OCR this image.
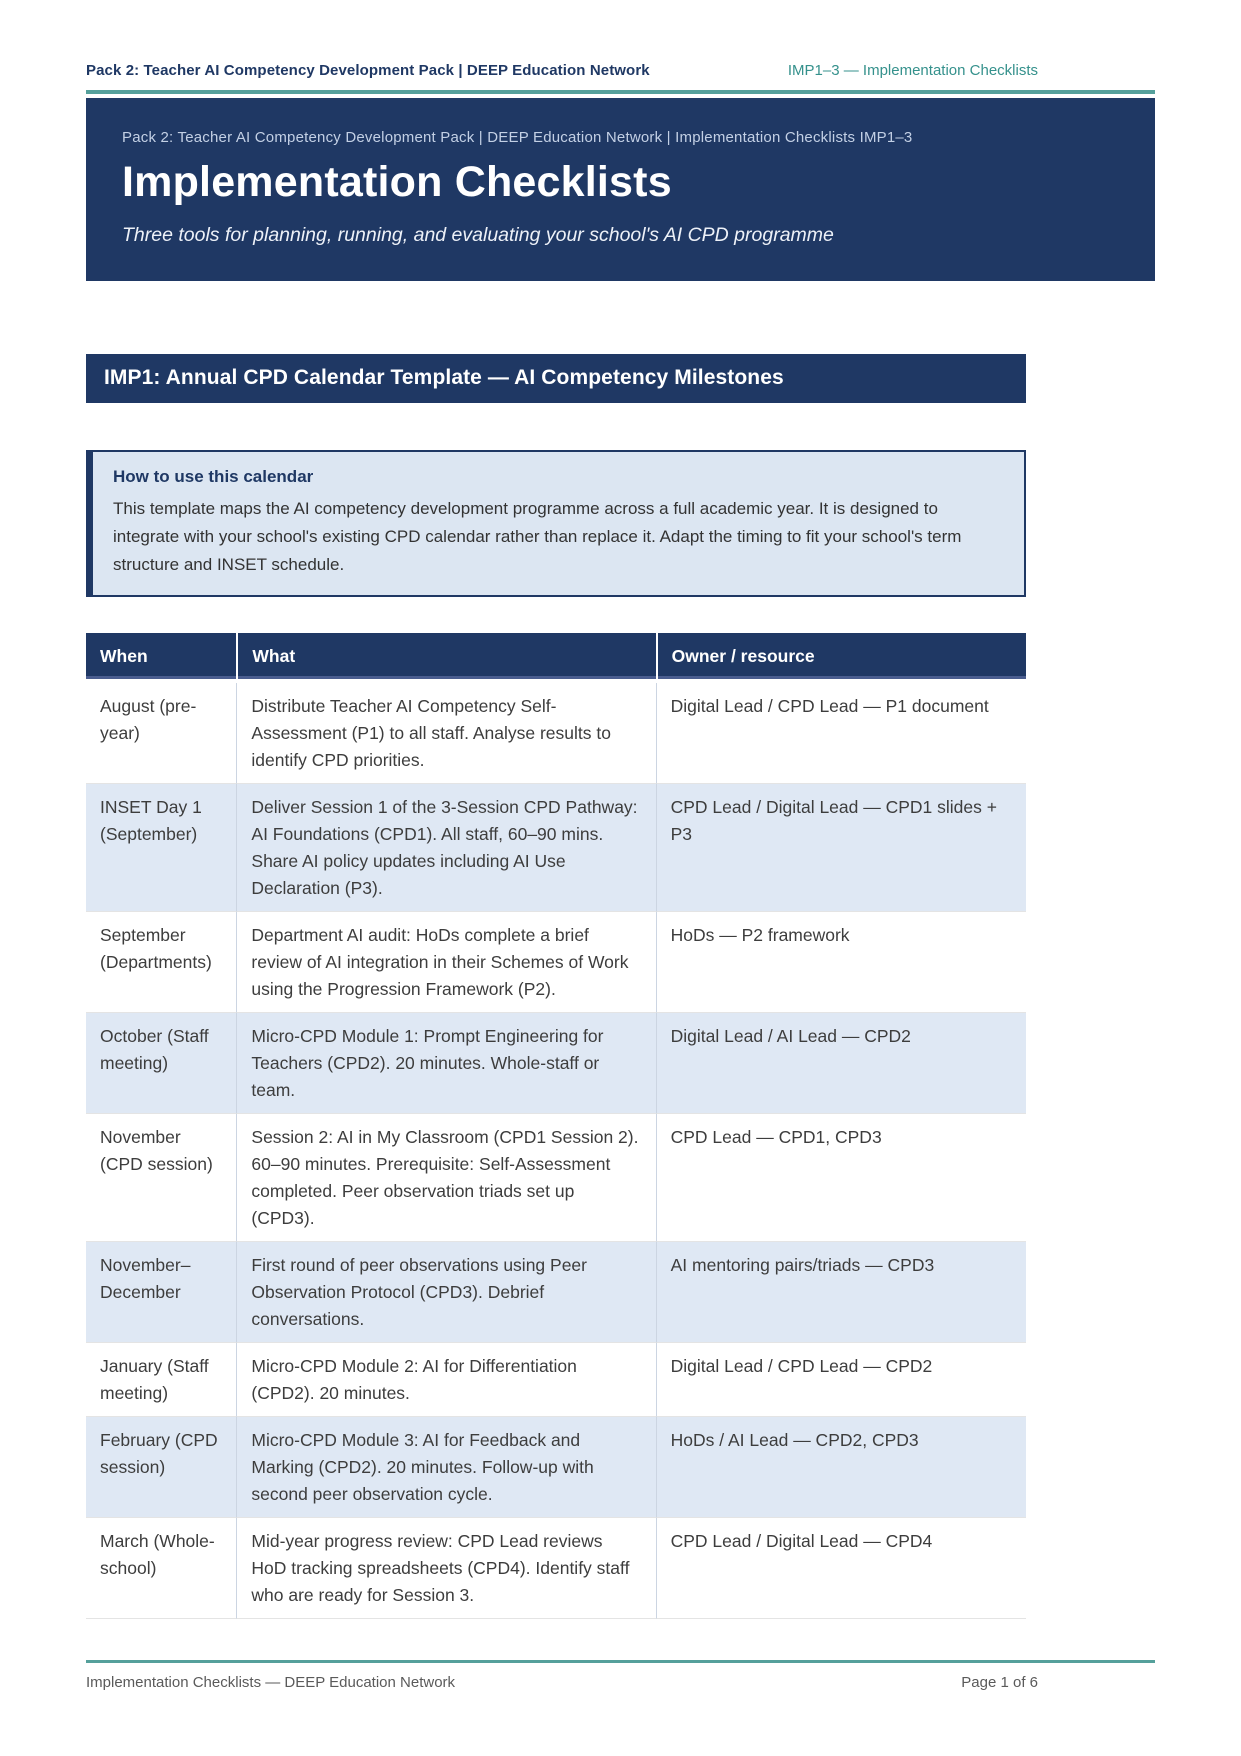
Pack 2: Teacher AI Competency Development Pack | DEEP Education Network	IMP1–3 — Implementation Checklists
Pack 2: Teacher AI Competency Development Pack | DEEP Education Network | Implementation Checklists IMP1–3
Implementation Checklists
Three tools for planning, running, and evaluating your school's AI CPD programme
IMP1: Annual CPD Calendar Template — AI Competency Milestones
How to use this calendar
This template maps the AI competency development programme across a full academic year. It is designed to integrate with your school's existing CPD calendar rather than replace it. Adapt the timing to fit your school's term structure and INSET schedule.
When	What	Owner / resource
August (pre-year)	Distribute Teacher AI Competency Self-Assessment (P1) to all staff. Analyse results to identify CPD priorities.	Digital Lead / CPD Lead — P1 document
INSET Day 1 (September)	Deliver Session 1 of the 3-Session CPD Pathway: AI Foundations (CPD1). All staff, 60–90 mins. Share AI policy updates including AI Use Declaration (P3).	CPD Lead / Digital Lead — CPD1 slides + P3
September (Departments)	Department AI audit: HoDs complete a brief review of AI integration in their Schemes of Work using the Progression Framework (P2).	HoDs — P2 framework
October (Staff meeting)	Micro-CPD Module 1: Prompt Engineering for Teachers (CPD2). 20 minutes. Whole-staff or team.	Digital Lead / AI Lead — CPD2
November (CPD session)	Session 2: AI in My Classroom (CPD1 Session 2). 60–90 minutes. Prerequisite: Self-Assessment completed. Peer observation triads set up (CPD3).	CPD Lead — CPD1, CPD3
November–December	First round of peer observations using Peer Observation Protocol (CPD3). Debrief conversations.	AI mentoring pairs/triads — CPD3
January (Staff meeting)	Micro-CPD Module 2: AI for Differentiation (CPD2). 20 minutes.	Digital Lead / CPD Lead — CPD2
February (CPD session)	Micro-CPD Module 3: AI for Feedback and Marking (CPD2). 20 minutes. Follow-up with second peer observation cycle.	HoDs / AI Lead — CPD2, CPD3
March (Whole-school)	Mid-year progress review: CPD Lead reviews HoD tracking spreadsheets (CPD4). Identify staff who are ready for Session 3.	CPD Lead / Digital Lead — CPD4
Implementation Checklists — DEEP Education Network	Page 1 of 6
